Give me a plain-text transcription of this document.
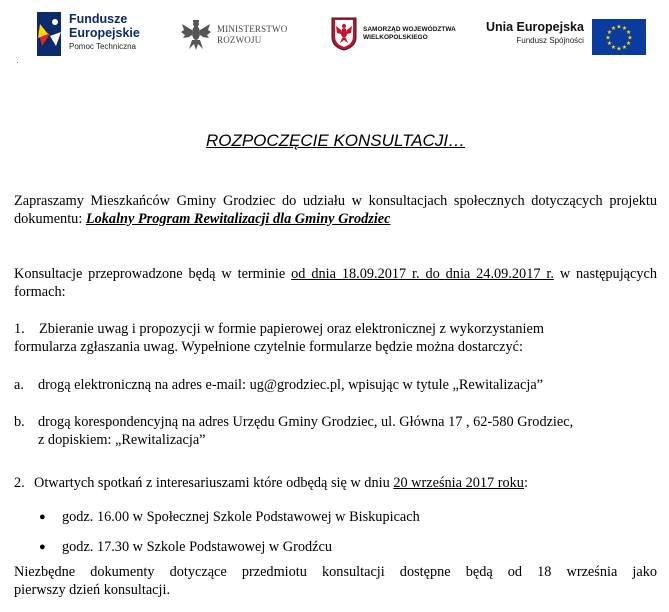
Fundusze
Europejskie
Pomoc Techniczna
MINISTERSTWO
ROZWOJU
SAMORZĄD WOJEWÓDZTWA
WIELKOPOLSKIEGO
Unia Europejska
Fundusz Spójności
★ ★
★
★
★
★
★
★
★
★
★
★
ROZPOCZĘCIE KONSULTACJI…
Zapraszamy Mieszkańców Gminy Grodziec do udziału w konsultacjach społecznych dotyczących projektu dokumentu: Lokalny Program Rewitalizacji dla Gminy Grodziec
Konsultacje przeprowadzone będą w terminie od dnia 18.09.2017 r. do dnia 24.09.2017 r. w następujących formach:
1. Zbieranie uwag i propozycji w formie papierowej oraz elektronicznej z wykorzystaniem
formularza zgłaszania uwag. Wypełnione czytelnie formularze będzie można dostarczyć:
a. drogą elektroniczną na adres e-mail: ug@grodziec.pl, wpisując w tytule „Rewitalizacja”
b. drogą korespondencyjną na adres Urzędu Gminy Grodziec, ul. Główna 17 , 62-580 Grodziec,
z dopiskiem: „Rewitalizacja”
2. Otwartych spotkań z interesariuszami które odbędą się w dniu 20 września 2017 roku:
● godz. 16.00 w Społecznej Szkole Podstawowej w Biskupicach
● godz. 17.30 w Szkole Podstawowej w Grodźcu
Niezbędne dokumenty dotyczące przedmiotu konsultacji dostępne będą od 18 września jako
pierwszy dzień konsultacji.
